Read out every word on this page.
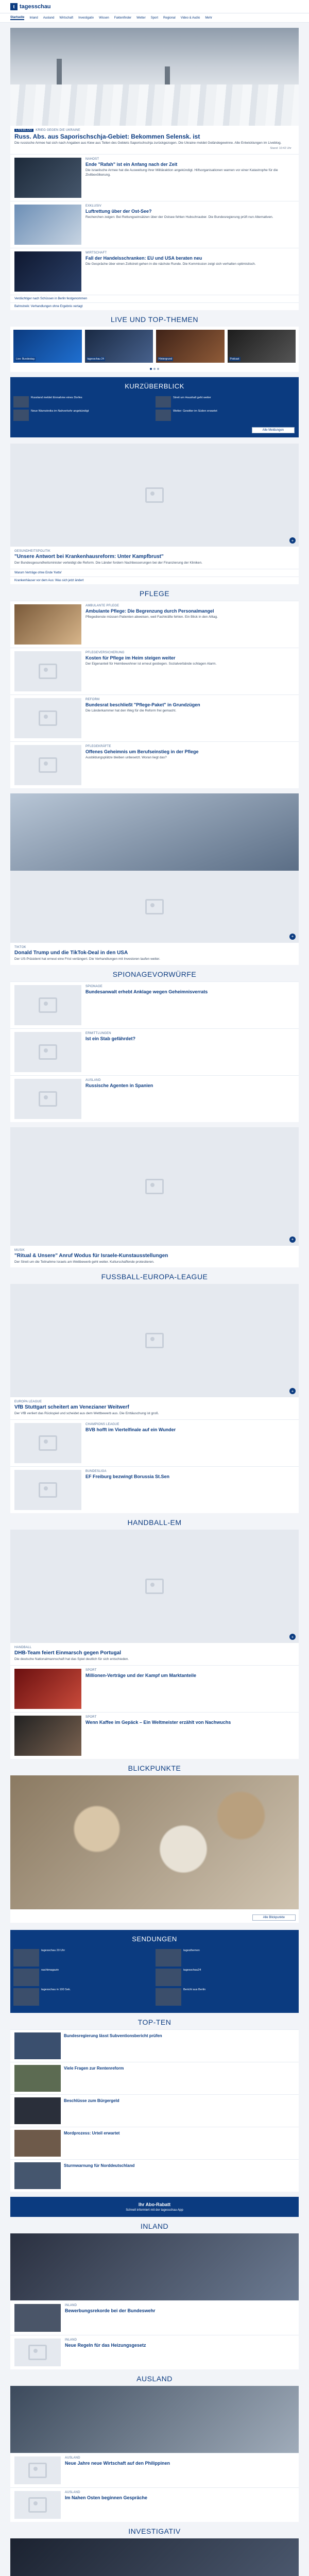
t tagesschau
Startseite Inland Ausland Wirtschaft Investigativ Wissen Faktenfinder Wetter Sport Regional Video & Audio Mehr
LIVEBLOG KRIEG GEGEN DIE UKRAINE
Russ. Abs. aus Saporischschja-Gebiet: Bekommen Selensk. ist

Die russische Armee hat sich nach Angaben aus Kiew aus Teilen des Gebiets Saporischschja zurückgezogen. Die Ukraine meldet Geländegewinne. Alle Entwicklungen im Liveblog.

Stand: 10:42 Uhr
NAHOST
Ende "Rafah" ist ein Anfang nach der Zeit

Die israelische Armee hat die Ausweitung ihrer Militäraktion angekündigt. Hilfsorganisationen warnen vor einer Katastrophe für die Zivilbevölkerung.

EXKLUSIV
Luftrettung über der Ost-See?

Recherchen zeigen: Bei Rettungseinsätzen über der Ostsee fehlen Hubschrauber. Die Bundesregierung prüft nun Alternativen.

WIRTSCHAFT
Fall der Handelsschranken: EU und USA beraten neu

Die Gespräche über einen Zollstreit gehen in die nächste Runde. Die Kommission zeigt sich verhalten optimistisch.

Verdächtiger nach Schüssen in Berlin festgenommen
Bahnstreik: Verhandlungen ohne Ergebnis vertagt
LIVE UND TOP-THEMEN
Live: Bundestag	tagesschau 24	Hintergrund	Podcast
KURZÜBERBLICK
Russland meldet Einnahme eines Dorfes	Streit um Haushalt geht weiter
Neue Warnstreiks im Nahverkehr angekündigt	Wetter: Gewitter im Süden erwartet
Alle Meldungen
+
GESUNDHEITSPOLITIK
"Unsere Antwort bei Krankenhausreform: Unter Kampfbrust"

Der Bundesgesundheitsminister verteidigt die Reform. Die Länder fordern Nachbesserungen bei der Finanzierung der Kliniken.

Warum Verträge ohne Ende 'Kette'
Krankenhäuser vor dem Aus: Was sich jetzt ändert
PFLEGE
AMBULANTE PFLEGE
Ambulante Pflege: Die Begrenzung durch Personalmangel

Pflegedienste müssen Patienten abweisen, weil Fachkräfte fehlen. Ein Blick in den Alltag.

PFLEGEVERSICHERUNG
Kosten für Pflege im Heim steigen weiter

Der Eigenanteil für Heimbewohner ist erneut gestiegen. Sozialverbände schlagen Alarm.

REFORM
Bundesrat beschließt "Pflege-Paket" in Grundzügen

Die Länderkammer hat den Weg für die Reform frei gemacht.

PFLEGEKRÄFTE
Offenes Geheimnis um Berufseinstieg in der Pflege

Ausbildungsplätze bleiben unbesetzt. Woran liegt das?

+
TIKTOK
Donald Trump und die TikTok-Deal in den USA

Der US-Präsident hat erneut eine Frist verlängert. Die Verhandlungen mit Investoren laufen weiter.

SPIONAGEVORWÜRFE
SPIONAGE
Bundesanwalt erhebt Anklage wegen Geheimnisverrats
ERMITTLUNGEN
Ist ein Stab gefährdet?
AUSLAND
Russische Agenten in Spanien
+
MUSIK
"Ritual & Unsere" Anruf Wodus für Israele-Kunstausstellungen

Der Streit um die Teilnahme Israels am Wettbewerb geht weiter. Kulturschaffende protestieren.

FUSSBALL-EUROPA-LEAGUE
+
EUROPA LEAGUE
VfB Stuttgart scheitert am Venezianer Weitwerf

Der VfB verliert das Rückspiel und scheidet aus dem Wettbewerb aus. Die Enttäuschung ist groß.

CHAMPIONS LEAGUE
BVB hofft im Viertelfinale auf ein Wunder
BUNDESLIGA
EF Freiburg bezwingt Borussia St.Sen
HANDBALL-EM
+
HANDBALL
DHB-Team feiert Einmarsch gegen Portugal

Die deutsche Nationalmannschaft hat das Spiel deutlich für sich entschieden.

SPORT
Millionen-Verträge und der Kampf um Marktanteile
SPORT
Wenn Kaffee im Gepäck – Ein Weltmeister erzählt von Nachwuchs
BLICKPUNKTE
Alle Blickpunkte
SENDUNGEN
tagesschau 20 Uhr	tagesthemen
nachtmagazin	tagesschau24
tagesschau in 100 Sek.	Bericht aus Berlin
TOP-TEN
Bundesregierung lässt Subventionsbericht prüfen
Viele Fragen zur Rentenreform
Beschlüsse zum Bürgergeld
Mordprozess: Urteil erwartet
Sturmwarnung für Norddeutschland
Ihr Abo-Rabatt
Schnell informiert mit der tagesschau-App
INLAND
INLAND
Bewerbungsrekorde bei der Bundeswehr
INLAND
Neue Regeln für das Heizungsgesetz
AUSLAND
AUSLAND
Neue Jahre neue Wirtschaft auf den Philippinen
AUSLAND
Im Nahen Osten beginnen Gespräche
INVESTIGATIV
